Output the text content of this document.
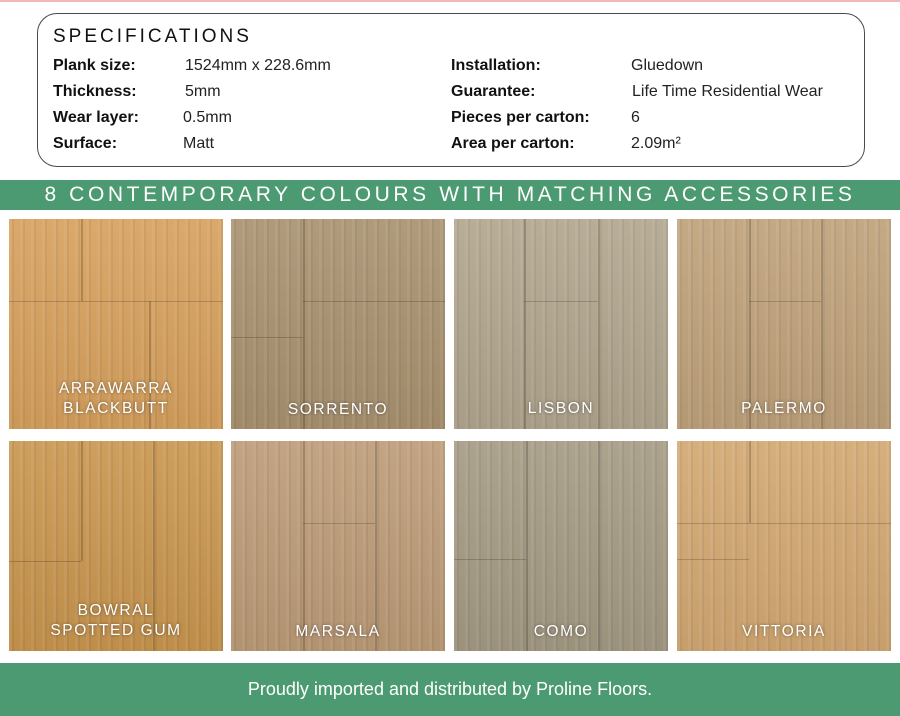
SPECIFICATIONS
Plank size:	1524mm x 228.6mm
Thickness:	5mm
Wear layer:	0.5mm
Surface:	Matt
Installation:	Gluedown
Guarantee:	Life Time Residential Wear
Pieces per carton:	6
Area per carton:	2.09m²
8 CONTEMPORARY COLOURS WITH MATCHING ACCESSORIES
ARRAWARRA
BLACKBUTT	SORRENTO	LISBON	PALERMO
BOWRAL
SPOTTED GUM	MARSALA	COMO	VITTORIA
Proudly imported and distributed by Proline Floors.
